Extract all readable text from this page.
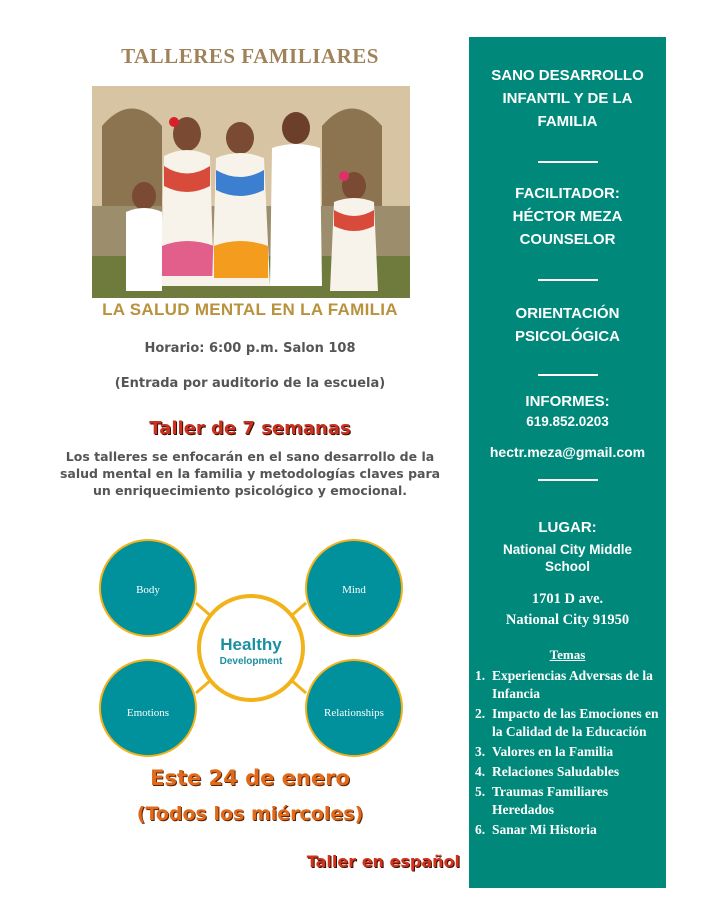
TALLERES FAMILIARES
LA SALUD MENTAL EN LA FAMILIA
Horario: 6:00 p.m. Salon 108
(Entrada por auditorio de la escuela)
Taller de 7 semanas
Los talleres se enfocarán en el sano desarrollo de la salud mental en la familia y metodologías claves para un enriquecimiento psicológico y emocional.
Healthy
Development
Body	Mind
Emotions	Relationships
Este 24 de enero
(Todos los miércoles)
Taller en español
SANO DESARROLLO
INFANTIL Y DE LA
FAMILIA
FACILITADOR:
HÉCTOR MEZA
COUNSELOR
ORIENTACIÓN
PSICOLÓGICA
INFORMES:
619.852.0203
hectr.meza@gmail.com
LUGAR:
National City Middle
School
1701 D ave.
National City 91950
Temas
1. Experiencias Adversas de la Infancia
2. Impacto de las Emociones en la Calidad de la Educación
3. Valores en la Familia
4. Relaciones Saludables
5. Traumas Familiares Heredados
6. Sanar Mi Historia
